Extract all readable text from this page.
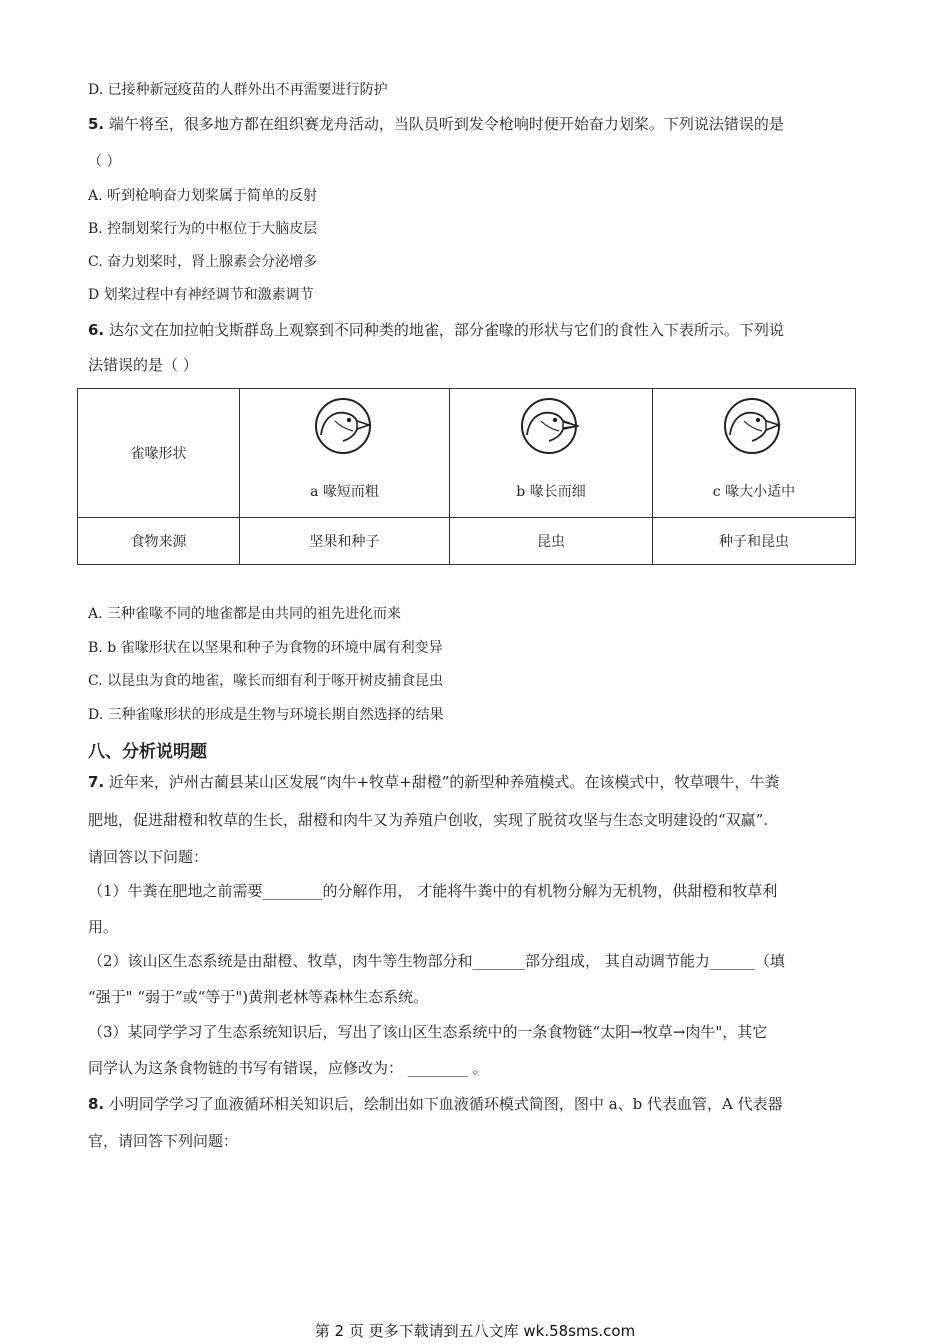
D. 已接种新冠疫苗的人群外出不再需要进行防护
5. 端午将至，很多地方都在组织赛龙舟活动，当队员听到发令枪响时便开始奋力划桨。下列说法错误的是
（ ）
A. 听到枪响奋力划桨属于简单的反射
B. 控制划桨行为的中枢位于大脑皮层
C. 奋力划桨时，肾上腺素会分泌增多
D 划桨过程中有神经调节和激素调节
6. 达尔文在加拉帕戈斯群岛上观察到不同种类的地雀，部分雀喙的形状与它们的食性入下表所示。下列说
法错误的是（ ）
雀喙形状	a 喙短而粗	b 喙长而细	c 喙大小适中

食物来源	坚果和种子	昆虫	种子和昆虫
A. 三种雀喙不同的地雀都是由共同的祖先进化而来
B. b 雀喙形状在以坚果和种子为食物的环境中属有利变异
C. 以昆虫为食的地雀，喙长而细有利于啄开树皮捕食昆虫
D. 三种雀喙形状的形成是生物与环境长期自然选择的结果
八、分析说明题
7. 近年来，泸州古蔺县某山区发展“肉牛+牧草+甜橙”的新型种养殖模式。在该模式中，牧草喂牛，牛粪
肥地，促进甜橙和牧草的生长，甜橙和肉牛又为养殖户创收，实现了脱贫攻坚与生态文明建设的“双赢”.
请回答以下问题：
（1）牛粪在肥地之前需要________的分解作用， 才能将牛粪中的有机物分解为无机物，供甜橙和牧草利
用。
（2）该山区生态系统是由甜橙、牧草，肉牛等生物部分和_______部分组成， 其自动调节能力______（填
“强于" “弱于”或“等于")黄荆老林等森林生态系统。
（3）某同学学习了生态系统知识后，写出了该山区生态系统中的一条食物链“太阳→牧草→肉牛"，其它
同学认为这条食物链的书写有错误，应修改为： ________ 。
8. 小明同学学习了血液循环相关知识后，绘制出如下血液循环模式简图，图中 a、b 代表血管，A 代表器
官，请回答下列问题：
第 2 页 更多下载请到五八文库 wk.58sms.com
